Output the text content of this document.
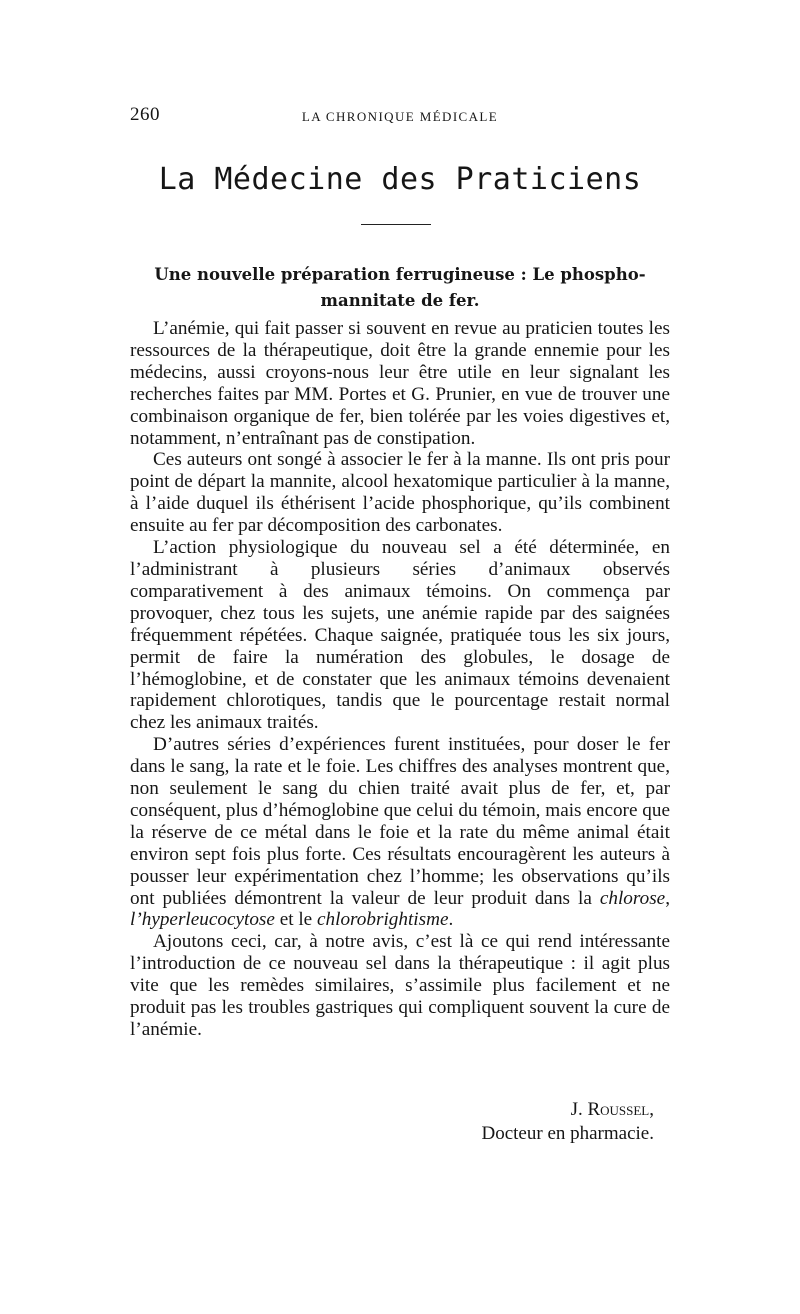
260	LA CHRONIQUE MÉDICALE
La Médecine des Praticiens
Une nouvelle préparation ferrugineuse : Le phospho-
mannitate de fer.

L’anémie, qui fait passer si souvent en revue au praticien toutes les ressources de la thérapeutique, doit être la grande ennemie pour les médecins, aussi croyons-nous leur être utile en leur signalant les recherches faites par MM. Portes et G. Prunier, en vue de trouver une combinaison organique de fer, bien tolérée par les voies digestives et, notamment, n’entraînant pas de constipation.

Ces auteurs ont songé à associer le fer à la manne. Ils ont pris pour point de départ la mannite, alcool hexatomique particulier à la manne, à l’aide duquel ils éthérisent l’acide phosphorique, qu’ils combinent ensuite au fer par décomposition des carbonates.

L’action physiologique du nouveau sel a été déterminée, en l’administrant à plusieurs séries d’animaux observés comparativement à des animaux témoins. On commença par provoquer, chez tous les sujets, une anémie rapide par des saignées fréquemment répétées. Chaque saignée, pratiquée tous les six jours, permit de faire la numération des globules, le dosage de l’hémoglobine, et de constater que les animaux témoins devenaient rapidement chlorotiques, tandis que le pourcentage restait normal chez les animaux traités.

D’autres séries d’expériences furent instituées, pour doser le fer dans le sang, la rate et le foie. Les chiffres des analyses montrent que, non seulement le sang du chien traité avait plus de fer, et, par conséquent, plus d’hémoglobine que celui du témoin, mais encore que la réserve de ce métal dans le foie et la rate du même animal était environ sept fois plus forte. Ces résultats encouragèrent les auteurs à pousser leur expérimentation chez l’homme; les observations qu’ils ont publiées démontrent la valeur de leur produit dans la chlorose, l’hyperleucocytose et le chlorobrightisme.

Ajoutons ceci, car, à notre avis, c’est là ce qui rend intéressante l’introduction de ce nouveau sel dans la thérapeutique : il agit plus vite que les remèdes similaires, s’assimile plus facilement et ne produit pas les troubles gastriques qui compliquent souvent la cure de l’anémie.

J. Roussel,
Docteur en pharmacie.
